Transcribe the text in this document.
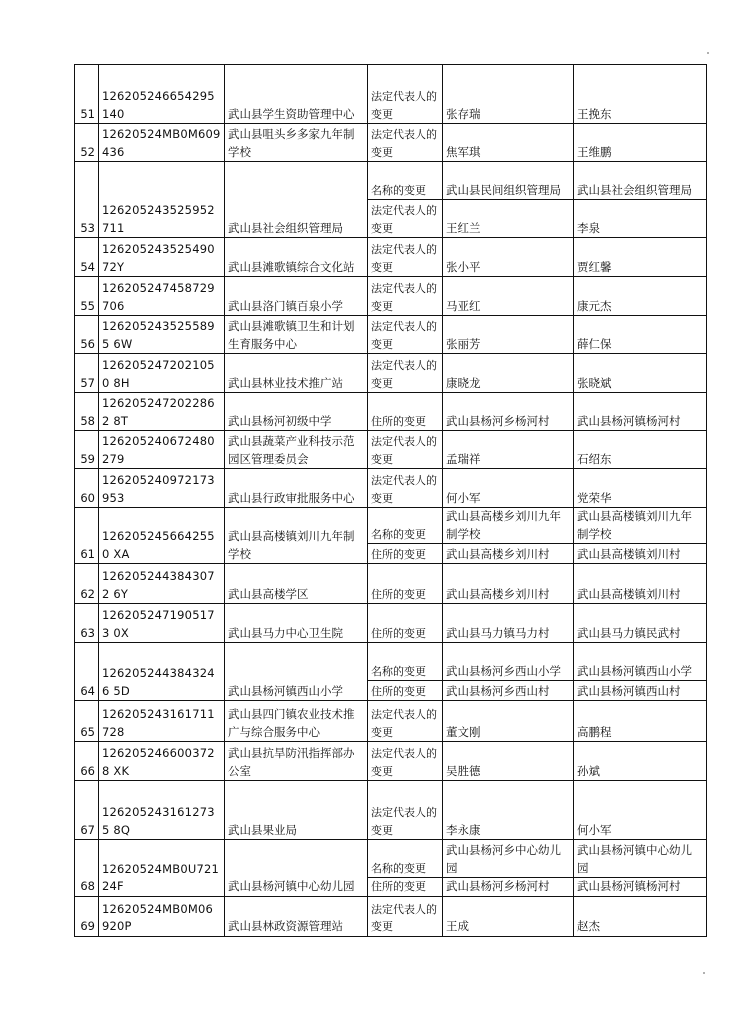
51	126205246654295140	武山县学生资助管理中心	法定代表人的变更	张存瑞	王挽东
52	12620524MB0M609436	武山县咀头乡多家九年制学校	法定代表人的变更	焦军琪	王维鹏
53	126205243525952711	武山县社会组织管理局	名称的变更	武山县民间组织管理局	武山县社会组织管理局
			法定代表人的变更	王红兰	李泉
54	126205243525490 72Y	武山县滩歌镇综合文化站	法定代表人的变更	张小平	贾红馨
55	126205247458729706	武山县洛门镇百泉小学	法定代表人的变更	马亚红	康元杰
56	1262052435255895 6W	武山县滩歌镇卫生和计划生育服务中心	法定代表人的变更	张丽芳	薛仁保
57	1262052472021050 8H	武山县林业技术推广站	法定代表人的变更	康晓龙	张晓斌
58	1262052472022862 8T	武山县杨河初级中学	住所的变更	武山县杨河乡杨河村	武山县杨河镇杨河村
59	126205240672480279	武山县蔬菜产业科技示范园区管理委员会	法定代表人的变更	孟瑞祥	石绍东
60	126205240972173953	武山县行政审批服务中心	法定代表人的变更	何小军	党荣华
61	1262052456642550 XA	武山县高楼镇刘川九年制学校	名称的变更	武山县高楼乡刘川九年制学校	武山县高楼镇刘川九年制学校
			住所的变更	武山县高楼乡刘川村	武山县高楼镇刘川村
62	1262052443843072 6Y	武山县高楼学区	住所的变更	武山县高楼乡刘川村	武山县高楼镇刘川村
63	1262052471905173 0X	武山县马力中心卫生院	住所的变更	武山县马力镇马力村	武山县马力镇民武村
64	1262052443843246 5D	武山县杨河镇西山小学	名称的变更	武山县杨河乡西山小学	武山县杨河镇西山小学
			住所的变更	武山县杨河乡西山村	武山县杨河镇西山村
65	126205243161711728	武山县四门镇农业技术推广与综合服务中心	法定代表人的变更	董文刚	高鹏程
66	1262052466003728 XK	武山县抗旱防汛指挥部办公室	法定代表人的变更	吴胜德	孙斌
67	1262052431612735 8Q	武山县果业局	法定代表人的变更	李永康	何小军
68	12620524MB0U721 24F	武山县杨河镇中心幼儿园	名称的变更	武山县杨河乡中心幼儿园	武山县杨河镇中心幼儿园
			住所的变更	武山县杨河乡杨河村	武山县杨河镇杨河村
69	12620524MB0M06 920P	武山县林政资源管理站	法定代表人的变更	王成	赵杰
